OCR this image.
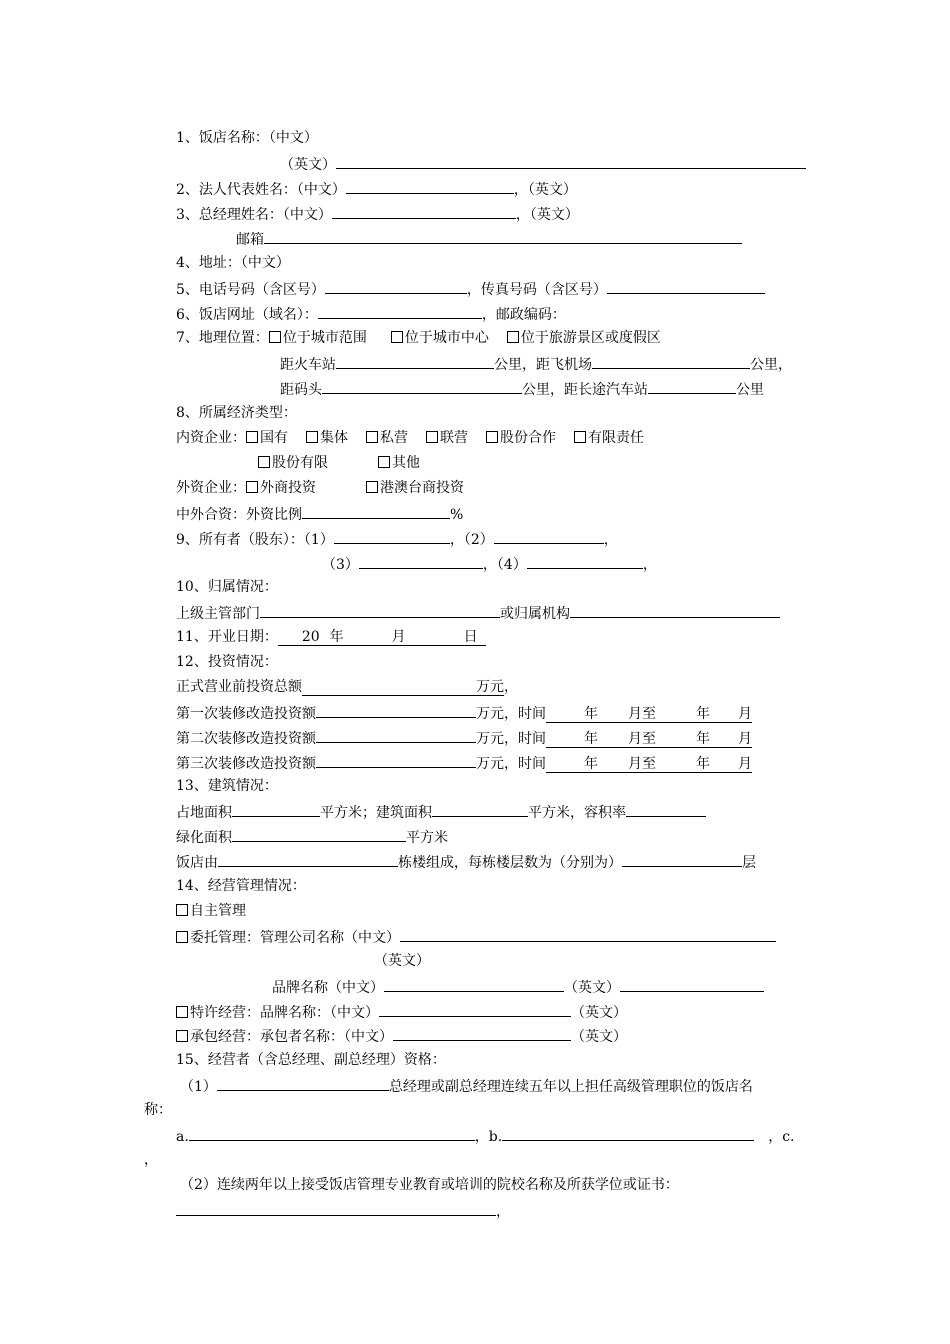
1、饭店名称：（中文）
（英文）
2、法人代表姓名：（中文）	，（英文）
3、总经理姓名：（中文）	，（英文）
邮箱
4、地址：（中文）
5、电话号码（含区号）	，传真号码（含区号）
6、饭店网址（域名）：	，邮政编码：
7、地理位置： 位于城市范围	位于城市中心 位于旅游景区或度假区
距火车站	公里，距飞机场	公里，
距码头	公里，距长途汽车站	公里
8、所属经济类型：
内资企业： 国有 集体 私营 联营 股份合作 有限责任
股份有限	其他
外资企业： 外商投资	港澳台商投资
中外合资：外资比例	%
9、所有者（股东）：（1）	，（2）	，
（3）	，（4）	，
10、归属情况：
上级主管部门	或归属机构
11、开业日期： 20 年	月	日
12、投资情况：
正式营业前投资总额	万元，
第一次装修改造投资额	万元，时间	年 月至	年 月
第二次装修改造投资额	万元，时间	年 月至	年 月
第三次装修改造投资额	万元，时间	年 月至	年 月
13、建筑情况：
占地面积	平方米；建筑面积	平方米，容积率
绿化面积	平方米
饭店由	栋楼组成，每栋楼层数为（分别为）	层
14、经营管理情况：
自主管理
委托管理：管理公司名称（中文）
（英文）
品牌名称（中文）	（英文）
特许经营：品牌名称：（中文）	（英文）
承包经营：承包者名称：（中文）	（英文）
15、经营者（含总经理、副总经理）资格：
（1）	总经理或副总经理连续五年以上担任高级管理职位的饭店名
称：
a.	，b.	，c.
，
（2）连续两年以上接受饭店管理专业教育或培训的院校名称及所获学位或证书：
，
